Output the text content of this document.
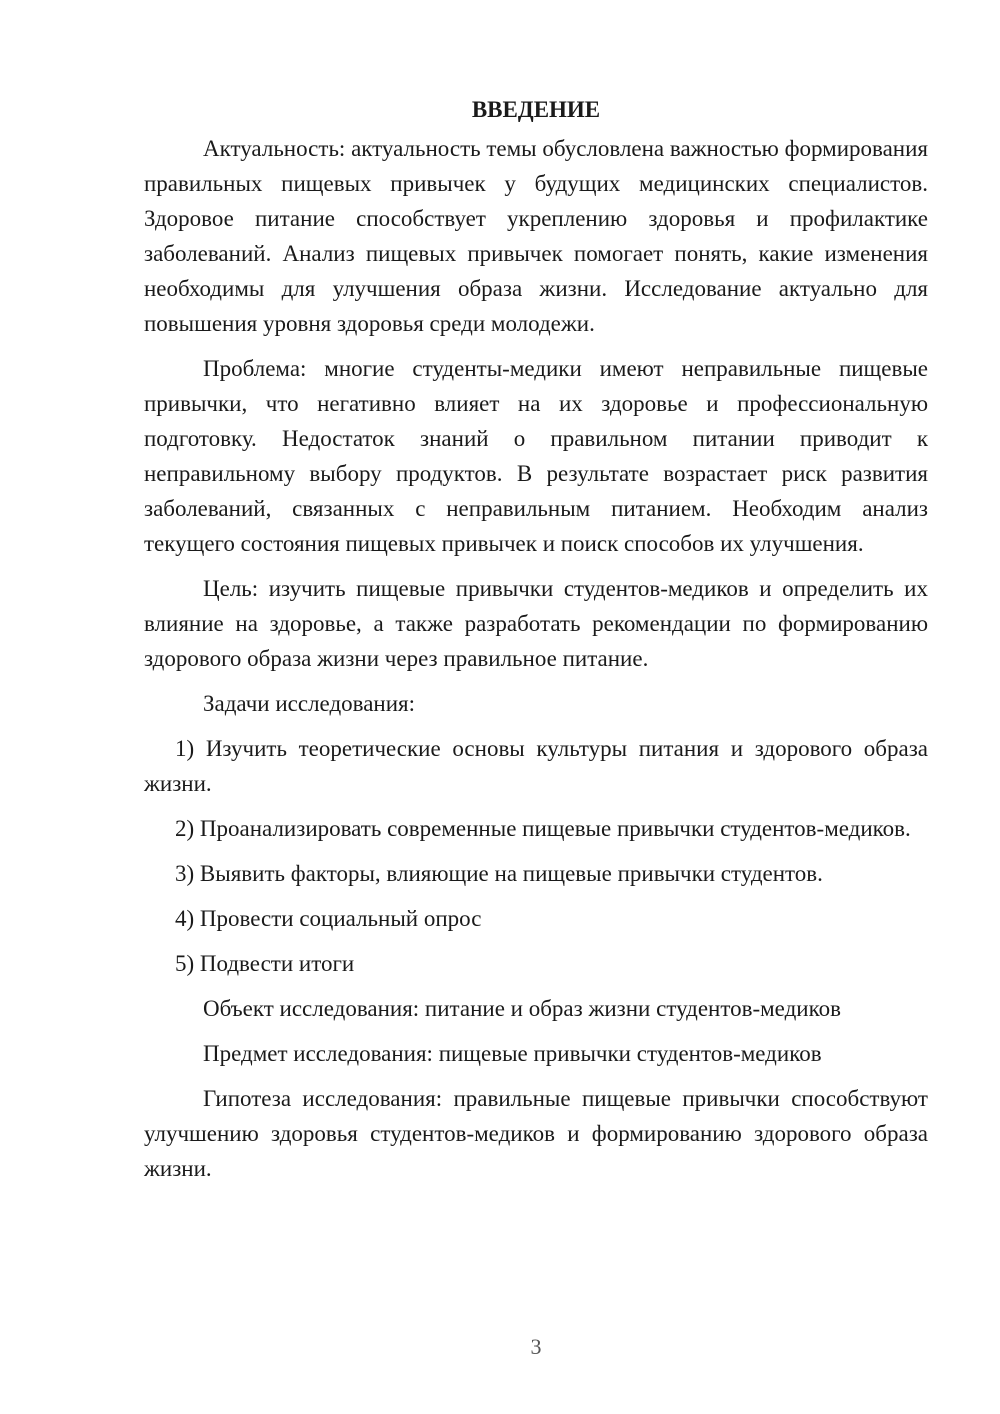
ВВЕДЕНИЕ

Актуальность: актуальность темы обусловлена важностью формирования правильных пищевых привычек у будущих медицинских специалистов. Здоровое питание способствует укреплению здоровья и профилактике заболеваний. Анализ пищевых привычек помогает понять, какие изменения необходимы для улучшения образа жизни. Исследование актуально для повышения уровня здоровья среди молодежи.

Проблема: многие студенты-медики имеют неправильные пищевые привычки, что негативно влияет на их здоровье и профессиональную подготовку. Недостаток знаний о правильном питании приводит к неправильному выбору продуктов. В результате возрастает риск развития заболеваний, связанных с неправильным питанием. Необходим анализ текущего состояния пищевых привычек и поиск способов их улучшения.

Цель: изучить пищевые привычки студентов-медиков и определить их влияние на здоровье, а также разработать рекомендации по формированию здорового образа жизни через правильное питание.

Задачи исследования:

1) Изучить теоретические основы культуры питания и здорового образа жизни.

2) Проанализировать современные пищевые привычки студентов-медиков.

3) Выявить факторы, влияющие на пищевые привычки студентов.

4) Провести социальный опрос

5) Подвести итоги

Объект исследования: питание и образ жизни студентов-медиков

Предмет исследования: пищевые привычки студентов-медиков

Гипотеза исследования: правильные пищевые привычки способствуют улучшению здоровья студентов-медиков и формированию здорового образа жизни.

3
